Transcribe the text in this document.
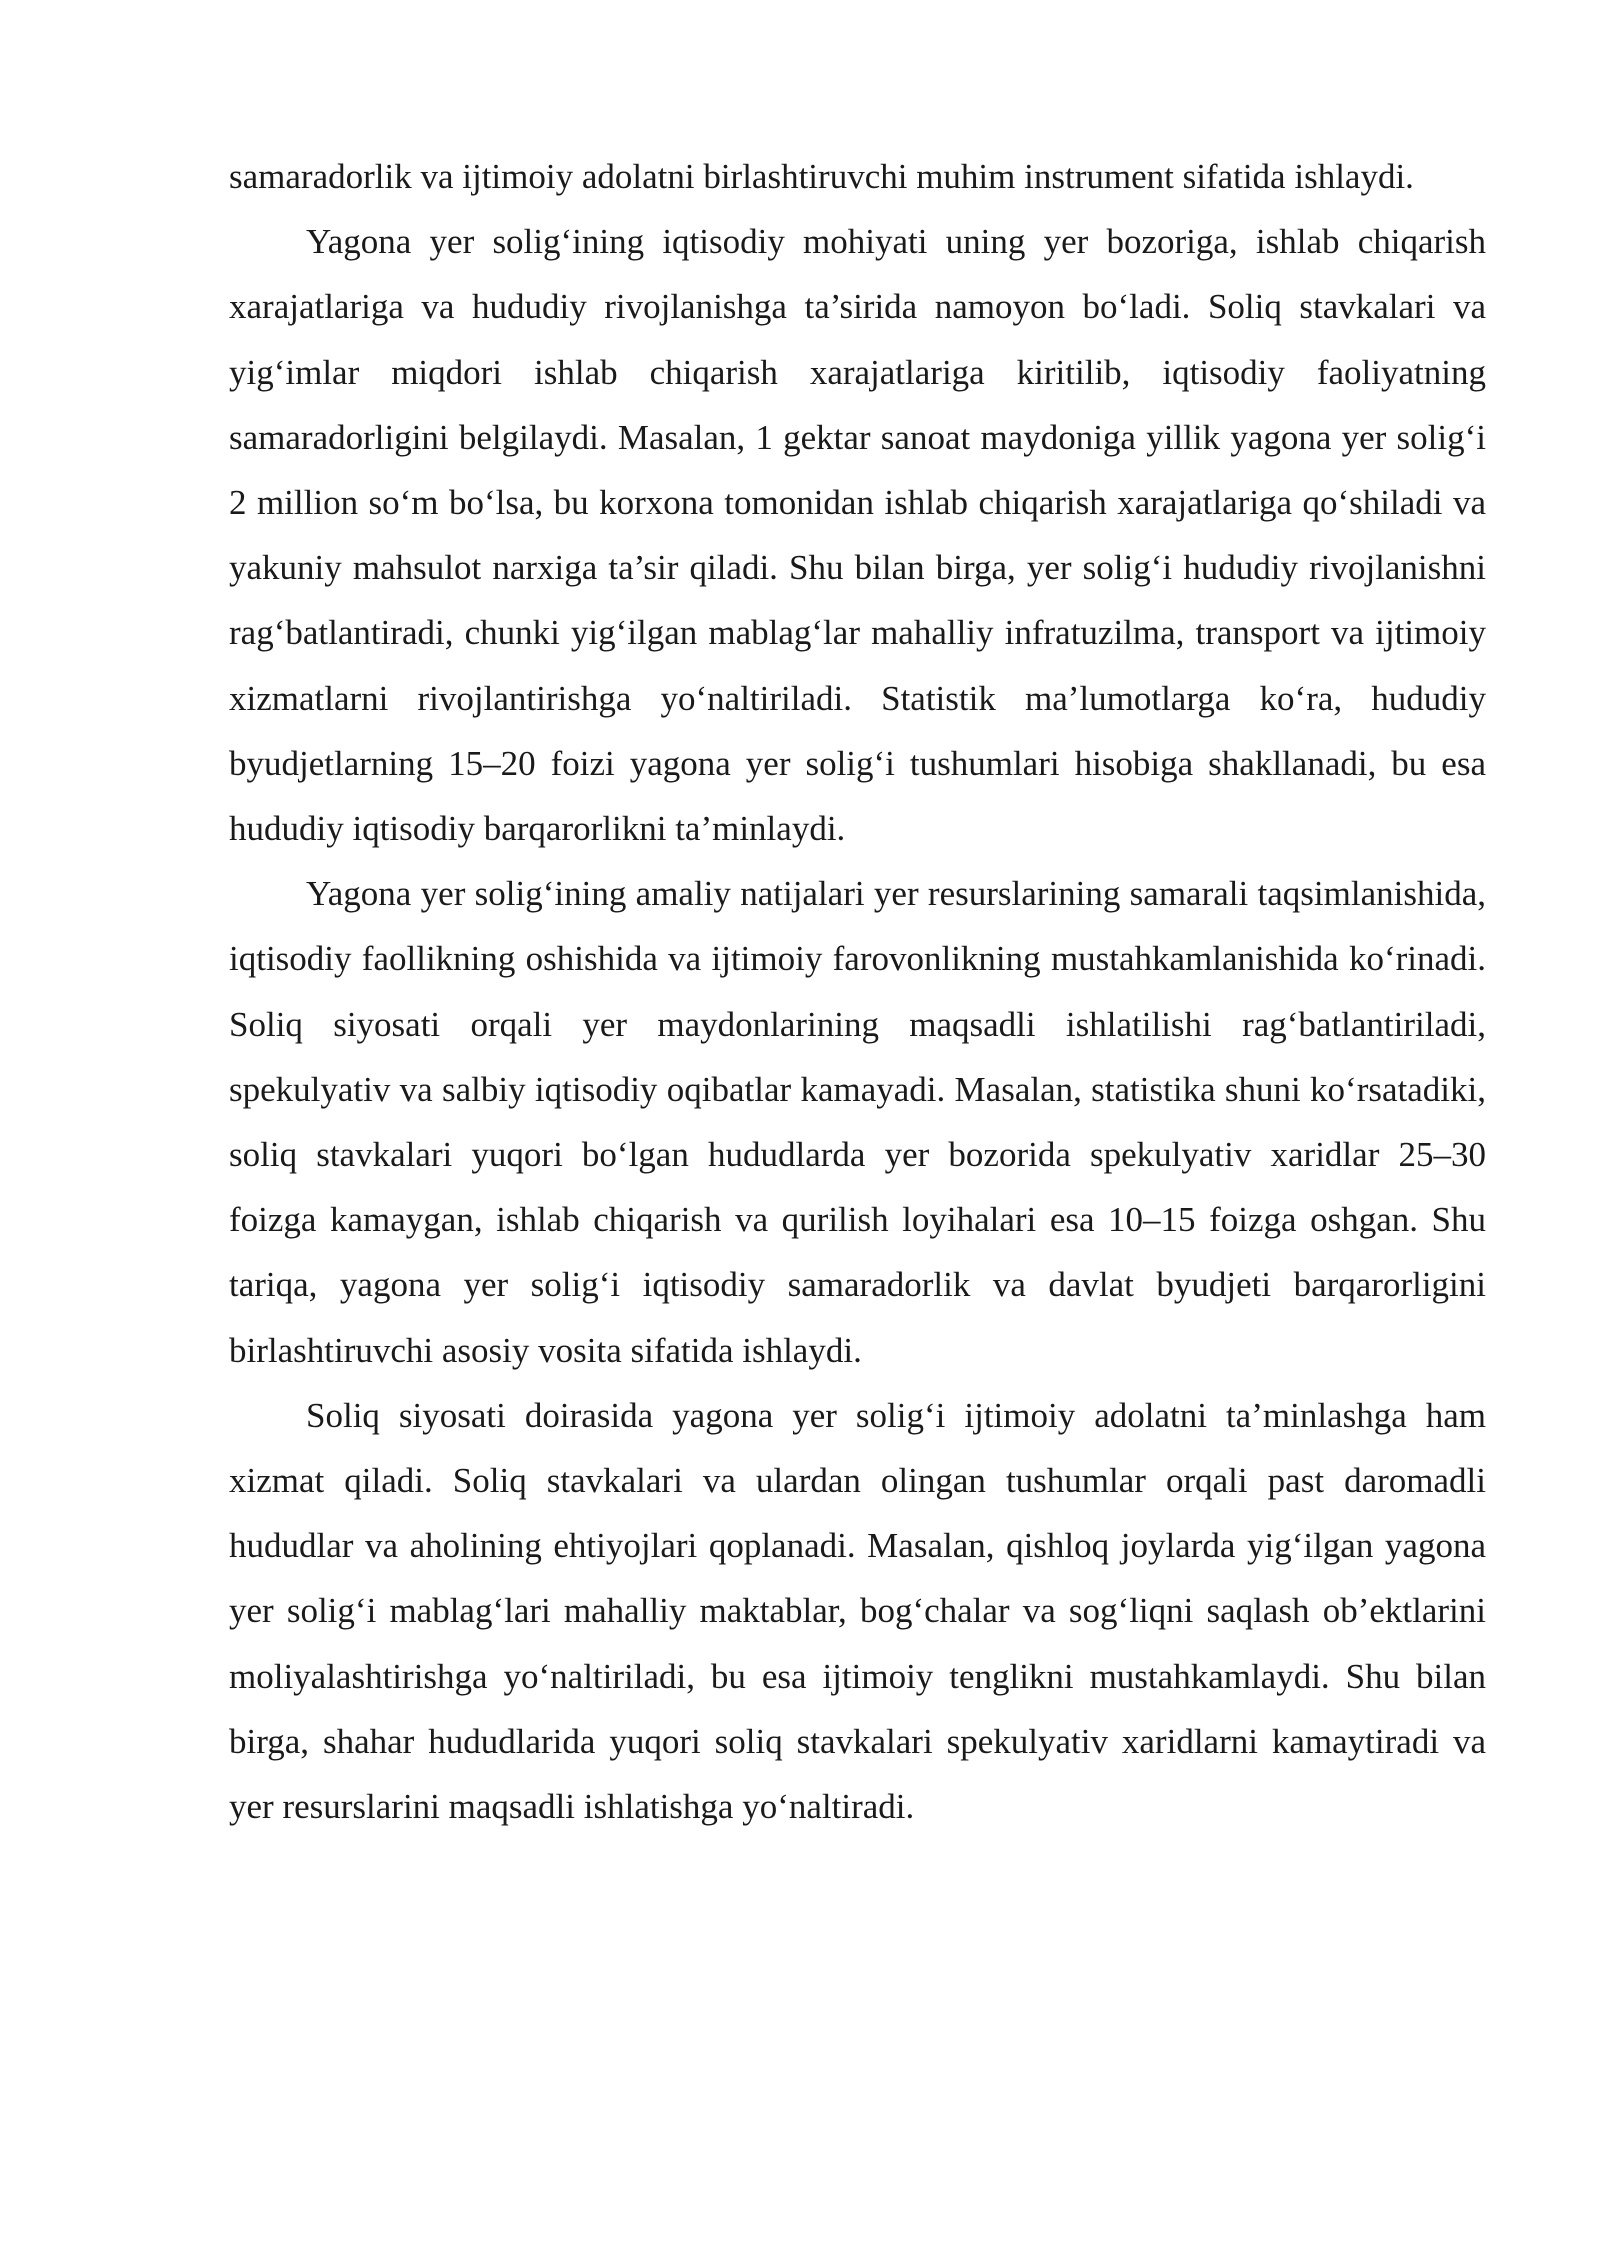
samaradorlik va ijtimoiy adolatni birlashtiruvchi muhim instrument sifatida ishlaydi.

Yagona yer solig‘ining iqtisodiy mohiyati uning yer bozoriga, ishlab chiqarish xarajatlariga va hududiy rivojlanishga ta’sirida namoyon bo‘ladi. Soliq stavkalari va yig‘imlar miqdori ishlab chiqarish xarajatlariga kiritilib, iqtisodiy faoliyatning samaradorligini belgilaydi. Masalan, 1 gektar sanoat maydoniga yillik yagona yer solig‘i 2 million so‘m bo‘lsa, bu korxona tomonidan ishlab chiqarish xarajatlariga qo‘shiladi va yakuniy mahsulot narxiga ta’sir qiladi. Shu bilan birga, yer solig‘i hududiy rivojlanishni rag‘batlantiradi, chunki yig‘ilgan mablag‘lar mahalliy infratuzilma, transport va ijtimoiy xizmatlarni rivojlantirishga yo‘naltiriladi. Statistik ma’lumotlarga ko‘ra, hududiy byudjetlarning 15–20 foizi yagona yer solig‘i tushumlari hisobiga shakllanadi, bu esa hududiy iqtisodiy barqarorlikni ta’minlaydi.

Yagona yer solig‘ining amaliy natijalari yer resurslarining samarali taqsimlanishida, iqtisodiy faollikning oshishida va ijtimoiy farovonlikning mustahkamlanishida ko‘rinadi. Soliq siyosati orqali yer maydonlarining maqsadli ishlatilishi rag‘batlantiriladi, spekulyativ va salbiy iqtisodiy oqibatlar kamayadi. Masalan, statistika shuni ko‘rsatadiki, soliq stavkalari yuqori bo‘lgan hududlarda yer bozorida spekulyativ xaridlar 25–30 foizga kamaygan, ishlab chiqarish va qurilish loyihalari esa 10–15 foizga oshgan. Shu tariqa, yagona yer solig‘i iqtisodiy samaradorlik va davlat byudjeti barqarorligini birlashtiruvchi asosiy vosita sifatida ishlaydi.

Soliq siyosati doirasida yagona yer solig‘i ijtimoiy adolatni ta’minlashga ham xizmat qiladi. Soliq stavkalari va ulardan olingan tushumlar orqali past daromadli hududlar va aholining ehtiyojlari qoplanadi. Masalan, qishloq joylarda yig‘ilgan yagona yer solig‘i mablag‘lari mahalliy maktablar, bog‘chalar va sog‘liqni saqlash ob’ektlarini moliyalashtirishga yo‘naltiriladi, bu esa ijtimoiy tenglikni mustahkamlaydi. Shu bilan birga, shahar hududlarida yuqori soliq stavkalari spekulyativ xaridlarni kamaytiradi va yer resurslarini maqsadli ishlatishga yo‘naltiradi.
